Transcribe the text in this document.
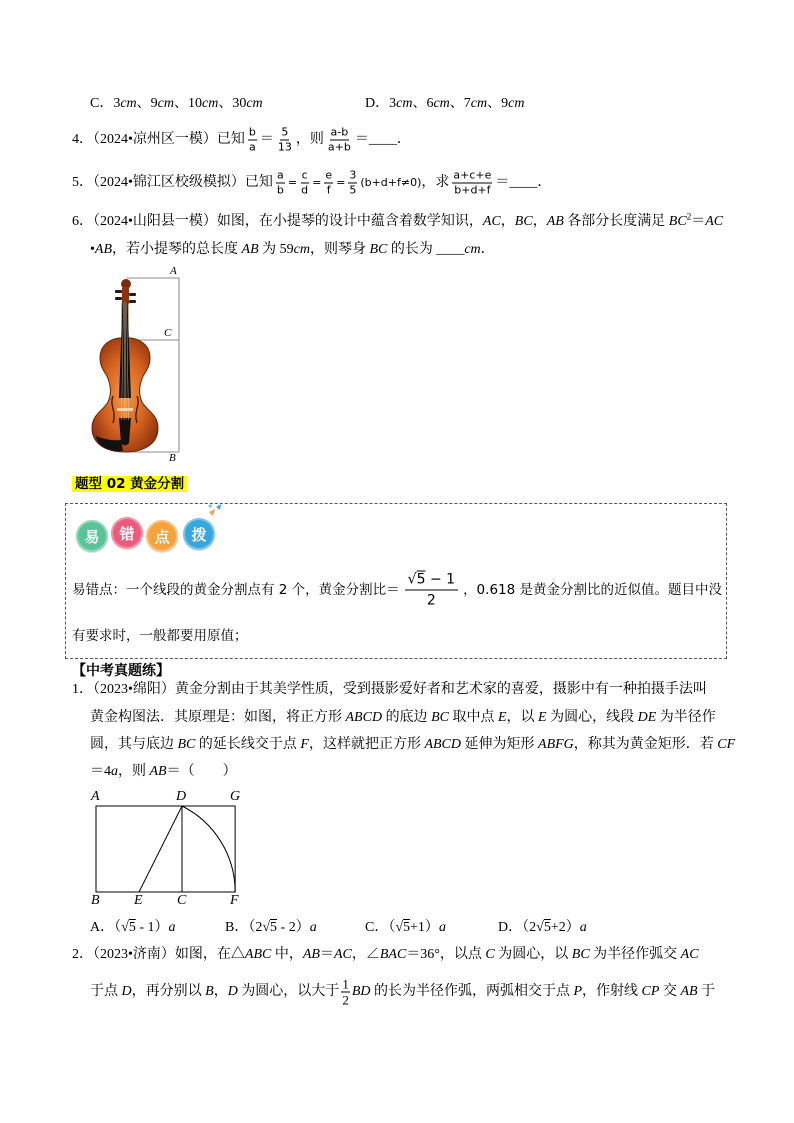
C．3cm、9cm、10cm、30cm	D．3cm、6cm、7cm、9cm
4．（2024•凉州区一模）已知 $\frac{b}{a} = \frac{5}{13}$ ，则 $\frac{a-b}{a+b}$ ＝____．
5．（2024•锦江区校级模拟）已知 $\frac{a}{b} = \frac{c}{d} = \frac{e}{f} = \frac{3}{5} (b+d+f\ne 0)$，求 $\frac{a+c+e}{b+d+f}$ ＝____．
6．（2024•山阳县一模）如图，在小提琴的设计中蕴含着数学知识，AC，BC，AB 各部分长度满足 $BC^2=AC$
•AB，若小提琴的总长度 AB 为 59cm，则琴身 BC 的长为 ____cm．
A
C
B
题型 02 黄金分割
易	错	点	拨
易错点：一个线段的黄金分割点有 2 个，黄金分割比＝ $\frac{√5 - 1}{2}$ ，0.618 是黄金分割比的近似值。题目中没
有要求时，一般都要用原值；
【中考真题练】
1．（2023•绵阳）黄金分割由于其美学性质，受到摄影爱好者和艺术家的喜爱，摄影中有一种拍摄手法叫
黄金构图法．其原理是：如图，将正方形 ABCD 的底边 BC 取中点 E，以 E 为圆心，线段 DE 为半径作
圆，其与底边 BC 的延长线交于点 F，这样就把正方形 ABCD 延伸为矩形 ABFG，称其为黄金矩形．若 CF
＝4a，则 AB＝（　　）
A	D	G
B E C	F
A．（√5 - 1）a	B．（2√5 - 2）a	C．（√5+1）a	D．（2√5+2）a
2．（2023•济南）如图，在△ABC 中，AB＝AC，∠BAC＝36°，以点 C 为圆心，以 BC 为半径作弧交 AC
于点 D，再分别以 B，D 为圆心，以大于 $\frac{1}{2}$ BD 的长为半径作弧，两弧相交于点 P，作射线 CP 交 AB 于
